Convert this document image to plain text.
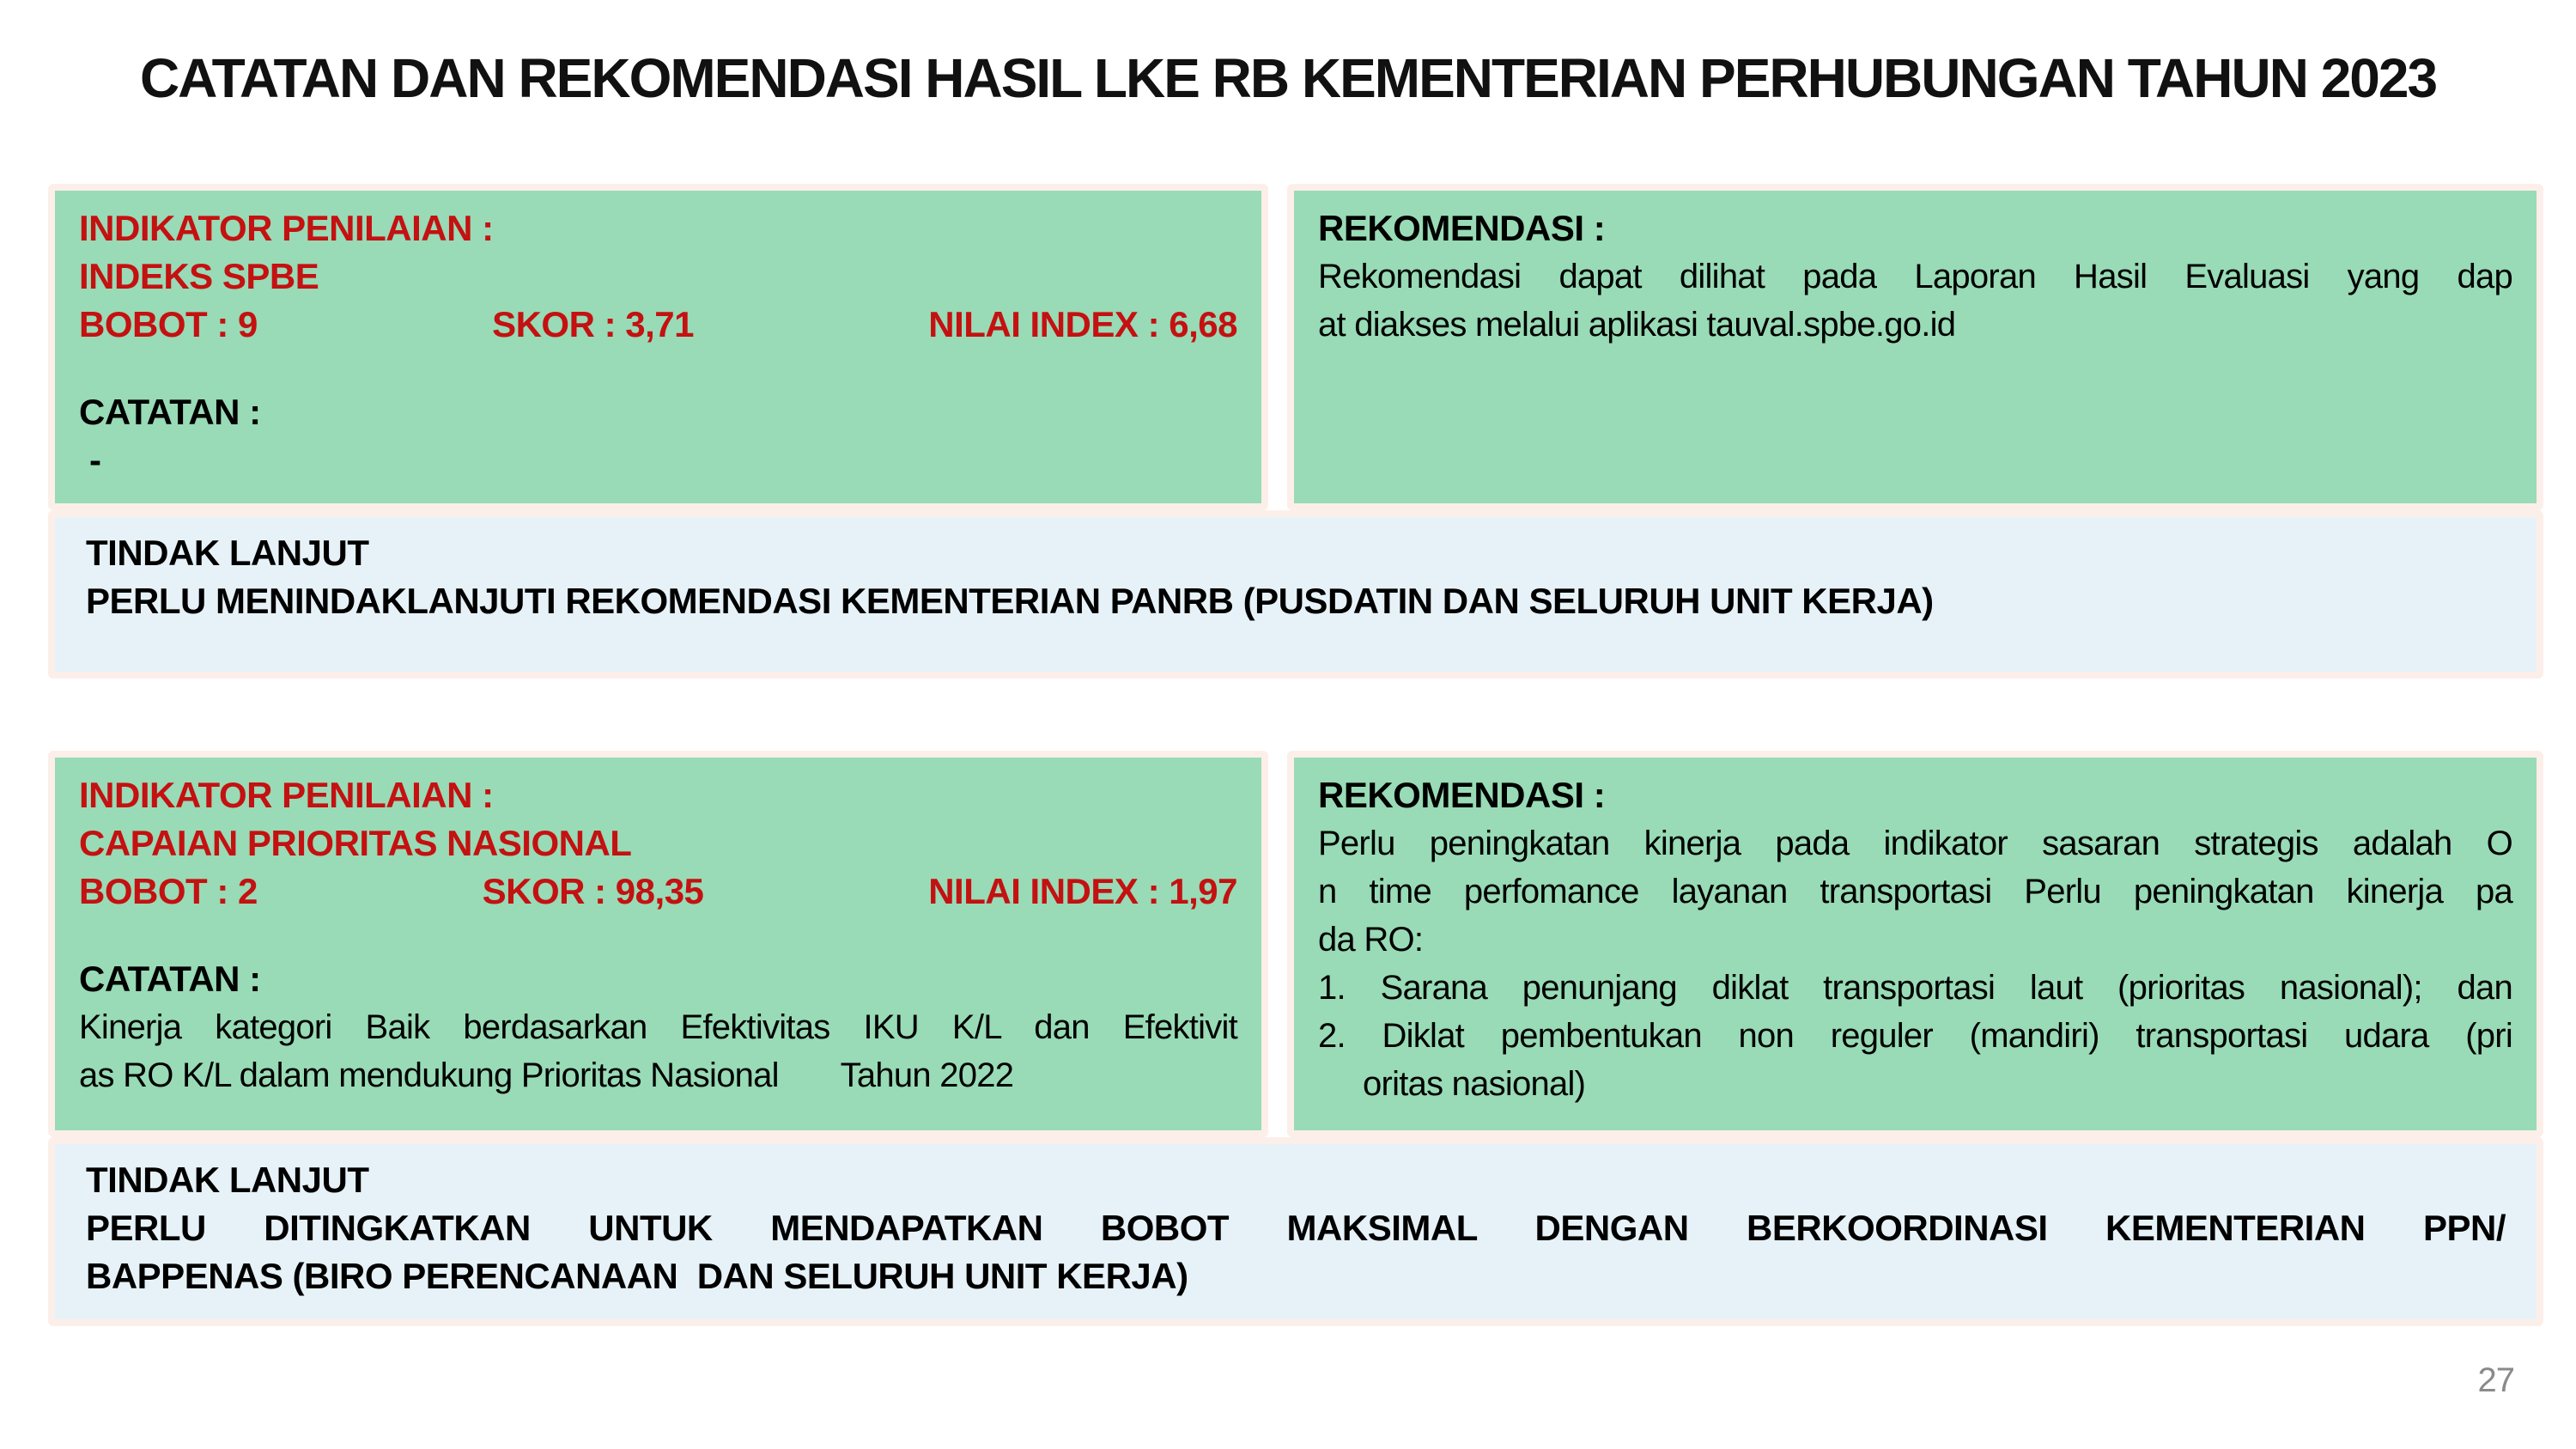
CATATAN DAN REKOMENDASI HASIL LKE RB KEMENTERIAN PERHUBUNGAN TAHUN 2023
INDIKATOR PENILAIAN :
INDEKS SPBE
BOBOT : 9	SKOR : 3,71	NILAI INDEX : 6,68
CATATAN :
-
REKOMENDASI :
Rekomendasi dapat dilihat pada Laporan Hasil Evaluasi yang dap
at diakses melalui aplikasi tauval.spbe.go.id
TINDAK LANJUT
PERLU MENINDAKLANJUTI REKOMENDASI KEMENTERIAN PANRB (PUSDATIN DAN SELURUH UNIT KERJA)
INDIKATOR PENILAIAN :
CAPAIAN PRIORITAS NASIONAL
BOBOT : 2	SKOR : 98,35	NILAI INDEX : 1,97
CATATAN :
Kinerja kategori Baik berdasarkan Efektivitas IKU K/L dan Efektivit
as RO K/L dalam mendukung Prioritas Nasional       Tahun 2022
REKOMENDASI :
Perlu peningkatan kinerja pada indikator sasaran strategis adalah O
n time perfomance layanan transportasi Perlu peningkatan kinerja pa
da RO:
1. Sarana penunjang diklat transportasi laut (prioritas nasional); dan
2. Diklat pembentukan non reguler (mandiri) transportasi udara (pri
oritas nasional)
TINDAK LANJUT
PERLU DITINGKATKAN UNTUK MENDAPATKAN BOBOT MAKSIMAL DENGAN BERKOORDINASI KEMENTERIAN PPN/
BAPPENAS (BIRO PERENCANAAN  DAN SELURUH UNIT KERJA)
27
